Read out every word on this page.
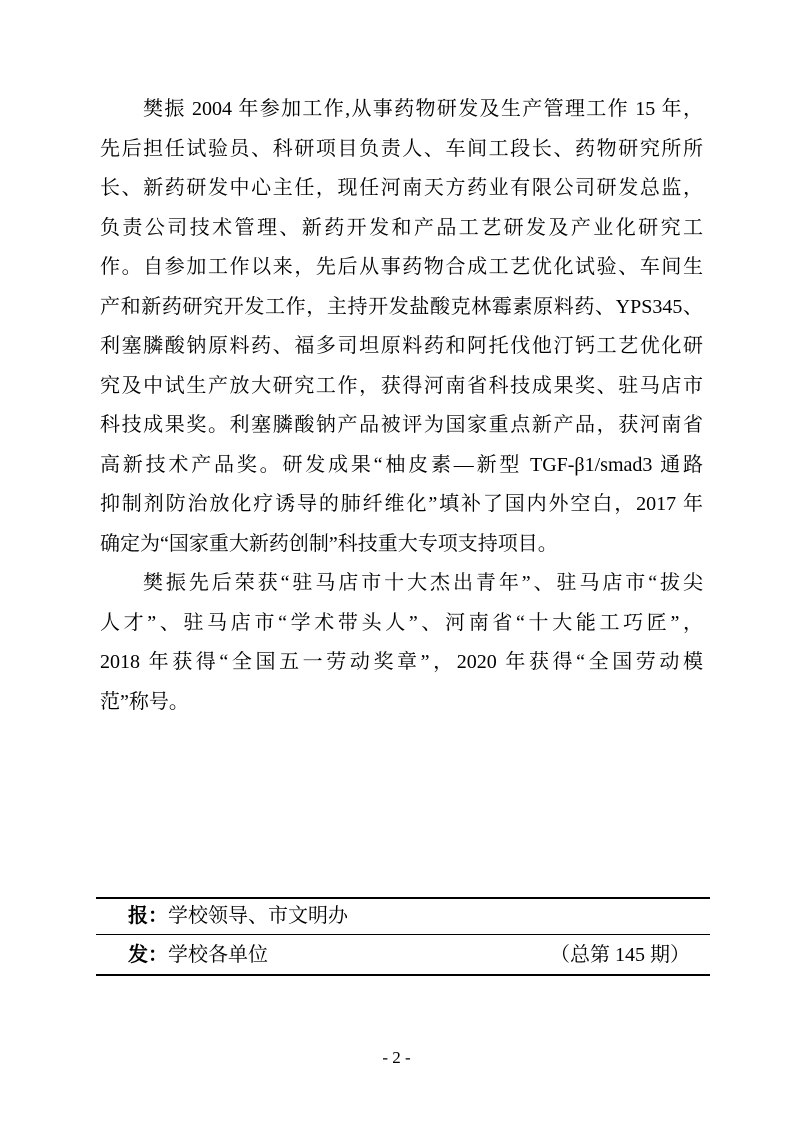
樊振 2004 年参加工作,从事药物研发及生产管理工作 15 年，
先后担任试验员、科研项目负责人、车间工段长、药物研究所所
长、新药研发中心主任，现任河南天方药业有限公司研发总监，
负责公司技术管理、新药开发和产品工艺研发及产业化研究工
作。自参加工作以来，先后从事药物合成工艺优化试验、车间生
产和新药研究开发工作，主持开发盐酸克林霉素原料药、YPS345、
利塞膦酸钠原料药、福多司坦原料药和阿托伐他汀钙工艺优化研
究及中试生产放大研究工作，获得河南省科技成果奖、驻马店市
科技成果奖。利塞膦酸钠产品被评为国家重点新产品，获河南省
高新技术产品奖。研发成果“柚皮素—新型 TGF-β1/smad3 通路
抑制剂防治放化疗诱导的肺纤维化”填补了国内外空白，2017 年
确定为“国家重大新药创制”科技重大专项支持项目。
樊振先后荣获“驻马店市十大杰出青年”、驻马店市“拔尖
人才”、驻马店市“学术带头人”、河南省“十大能工巧匠”，
2018 年获得“全国五一劳动奖章”，2020 年获得“全国劳动模
范”称号。
报：学校领导、市文明办
发：学校各单位	（总第 145 期）
- 2 -
